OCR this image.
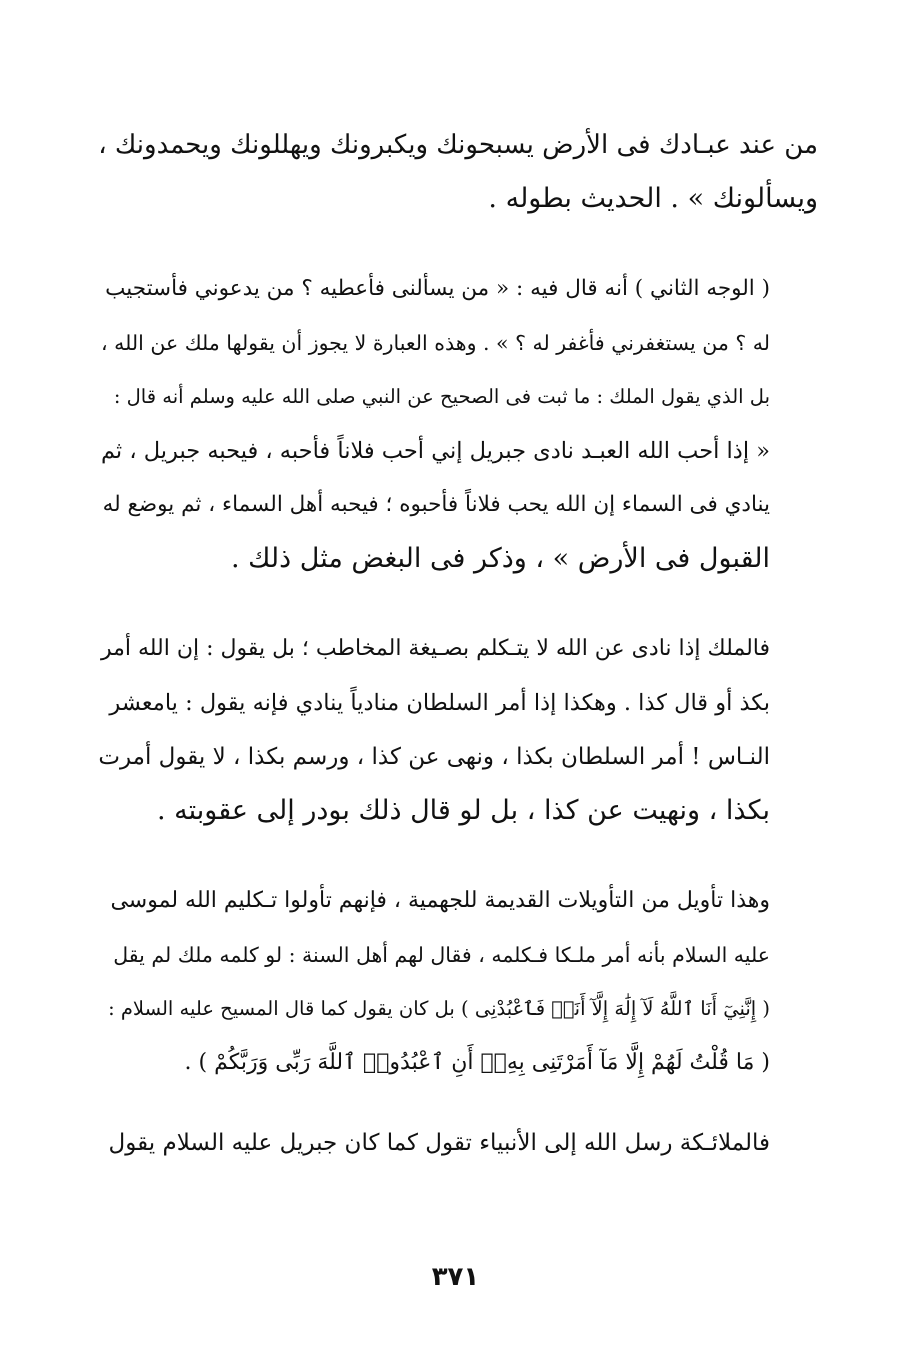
من عند عبـادك فى الأرض يسبحونك ويكبرونك ويهللونك ويحمدونك ،
ويسألونك » . الحديث بطوله .

( الوجه الثاني ) أنه قال فيه : « من يسألنى فأعطيه ؟ من يدعوني فأستجيب
له ؟ من يستغفرني فأغفر له ؟ » . وهذه العبارة لا يجوز أن يقولها ملك عن الله ،
بل الذي يقول الملك : ما ثبت فى الصحيح عن النبي صلى الله عليه وسلم أنه قال :
« إذا أحب الله العبـد نادى جبريل إني أحب فلاناً فأحبه ، فيحبه جبريل ، ثم
ينادي فى السماء إن الله يحب فلاناً فأحبوه ؛ فيحبه أهل السماء ، ثم يوضع له
القبول فى الأرض » ، وذكر فى البغض مثل ذلك .

فالملك إذا نادى عن الله لا يتـكلم بصـيغة المخاطب ؛ بل يقول : إن الله أمر
بكذ أو قال كذا . وهكذا إذا أمر السلطان منادياً ينادي فإنه يقول : يامعشر
النـاس ! أمر السلطان بكذا ، ونهى عن كذا ، ورسم بكذا ، لا يقول أمرت
بكذا ، ونهيت عن كذا ، بل لو قال ذلك بودر إلى عقوبته .

وهذا تأويل من التأويلات القديمة للجهمية ، فإنهم تأولوا تـكليم الله لموسى
عليه السلام بأنه أمر ملـكا فـكلمه ، فقال لهم أهل السنة : لو كلمه ملك لم يقل
( إِنَّنِيٓ أَنَا ٱللَّهُ لَآ إِلَٰهَ إِلَّآ أَنَا۠ فَٱعْبُدْنِى ) بل كان يقول كما قال المسيح عليه السلام :
( مَا قُلْتُ لَهُمْ إِلَّا مَآ أَمَرْتَنِى بِهِۦٓ أَنِ ٱعْبُدُوا۟ ٱللَّهَ رَبِّى وَرَبَّكُمْ ) .

فالملائـكة رسل الله إلى الأنبياء تقول كما كان جبريل عليه السلام يقول

٣٧١
